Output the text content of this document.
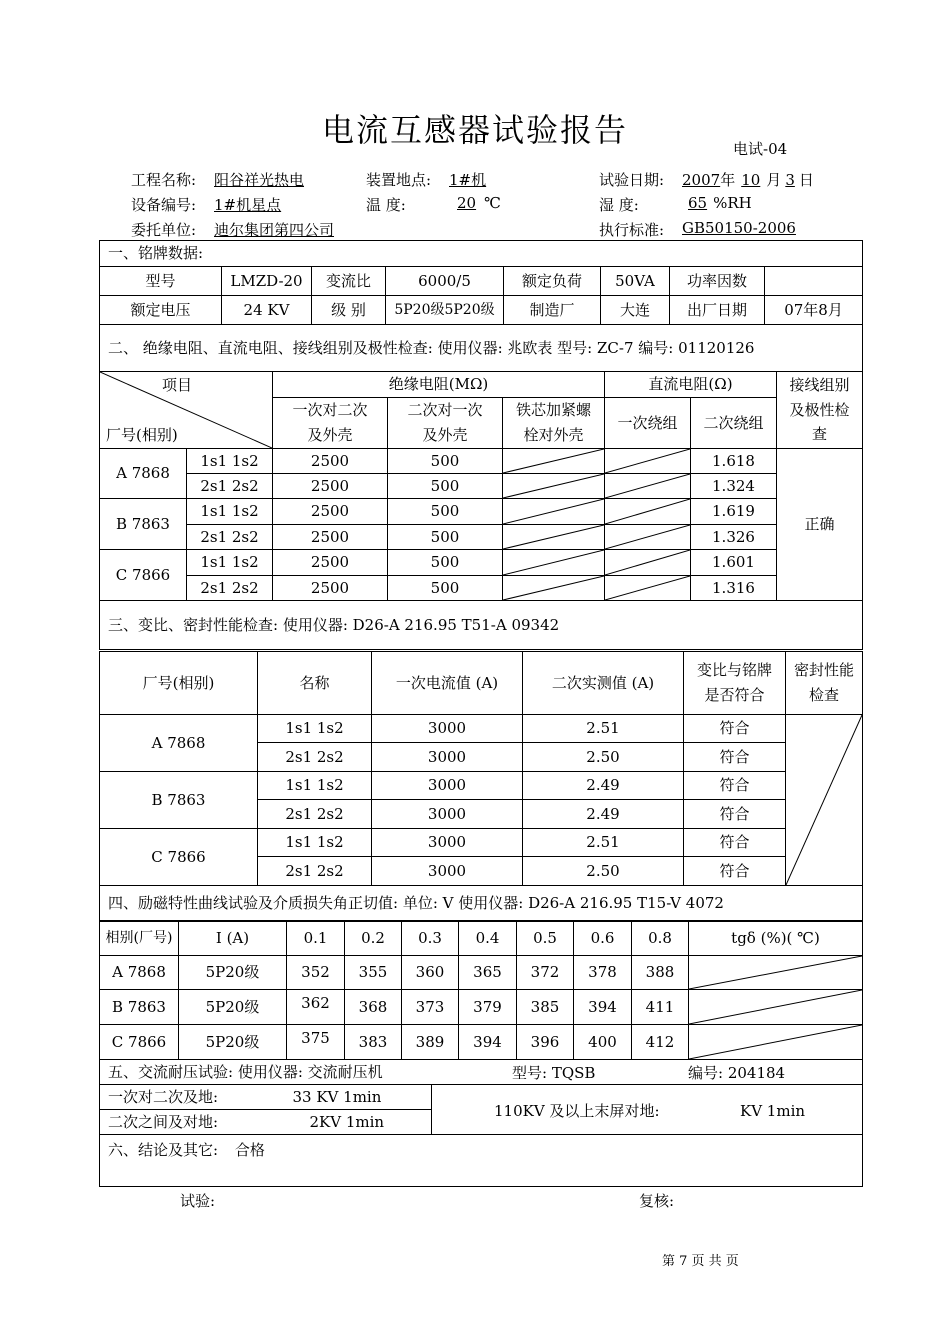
电流互感器试验报告	电试-04
工程名称: 阳谷祥光热电	装置地点: 1#机	试验日期: 2007年 10 月 3 日
设备编号: 1#机星点	温 度:	20 ℃	湿 度:	65 %RH
委托单位: 迪尔集团第四公司	执行标准: GB50150-2006
一、铭牌数据:							
型号	LMZD-20	变流比	6000/5	额定负荷	50VA	功率因数	
额定电压	24 KV	级 别	5P20级5P20级	制造厂	大连	出厂日期	07年8月
二、 绝缘电阻、直流电阻、接线组别及极性检查: 使用仪器: 兆欧表 型号: ZC-7 编号: 01120126							
项目
厂号(相别)		绝缘电阻(MΩ)			直流电阻(Ω)		接线组别及极性检查

		一次对二次及外壳	二次对一次及外壳	铁芯加紧螺栓对外壳	一次绕组	二次绕组	

A 7868	1s1 1s2	2500	500			1.618	正确
	2s1 2s2	2500	500			1.324	
B 7863	1s1 1s2	2500	500			1.619	
	2s1 2s2	2500	500			1.326	
C 7866	1s1 1s2	2500	500			1.601	
	2s1 2s2	2500	500			1.316	
三、变比、密封性能检查: 使用仪器: D26-A 216.95 T51-A 09342							
厂号(相别)	名称	一次电流值 (A)	二次实测值 (A)	变比与铭牌是否符合	密封性能检查

A 7868	1s1 1s2	3000	2.51	符合	

	2s1 2s2	3000	2.50	符合	
B 7863	1s1 1s2	3000	2.49	符合	
	2s1 2s2	3000	2.49	符合	
C 7866	1s1 1s2	3000	2.51	符合	
	2s1 2s2	3000	2.50	符合	
四、励磁特性曲线试验及介质损失角正切值: 单位: V 使用仪器: D26-A 216.95 T15-V 4072					
相别(厂号)	I (A)	0.1	0.2	0.3	0.4	0.5	0.6	0.8	tgδ (%)( ℃)
A 7868	5P20级	352	355	360	365	372	378	388	

B 7863	5P20级	362	368	373	379	385	394	411	

C 7866	5P20级	375	383	389	394	396	400	412	
五、交流耐压试验: 使用仪器: 交流耐压机 型号: TQSB 编号: 204184		

一次对二次及地:	33 KV 1min	110KV 及以上末屏对地: KV 1min

二次之间及对地:	2KV 1min	
六、结论及其它: 合格		
试验:	复核:
第 7 页 共 页
